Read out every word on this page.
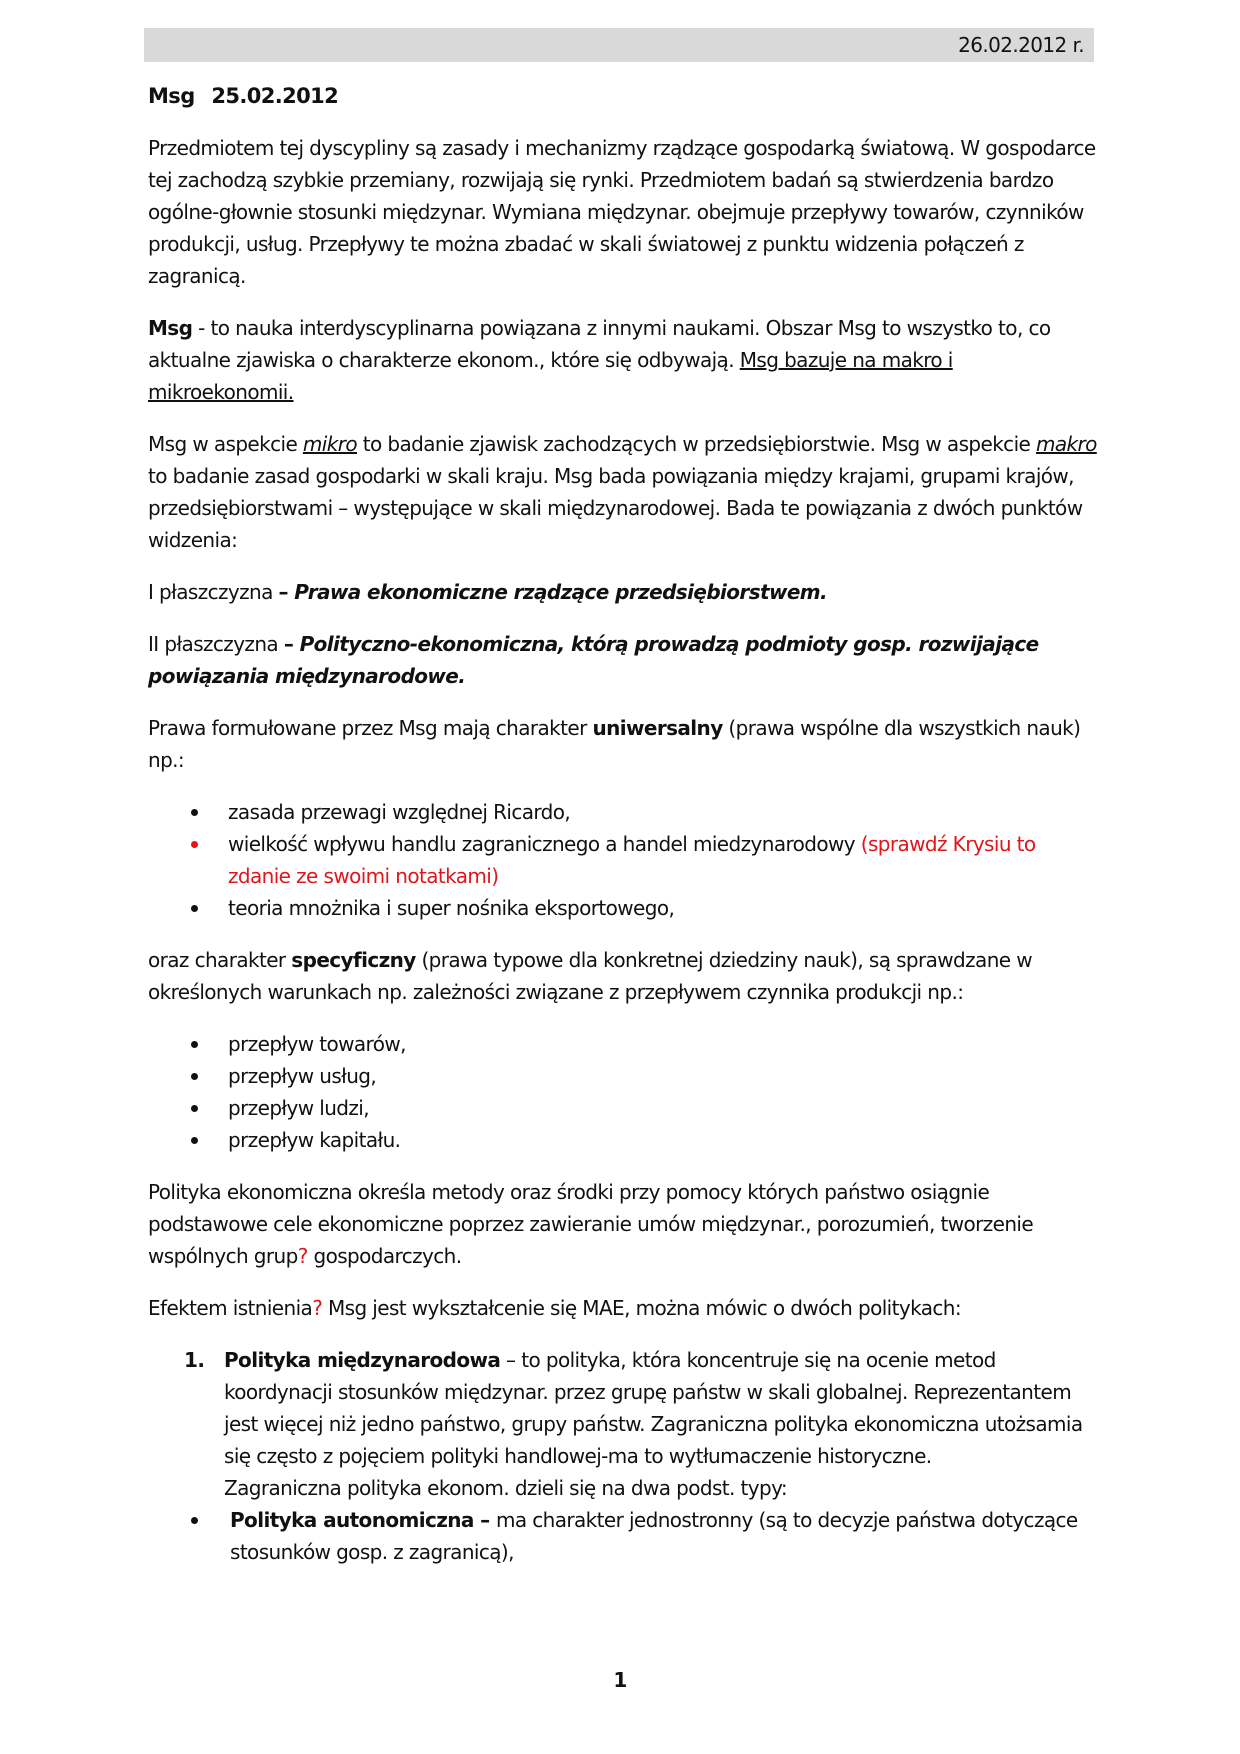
26.02.2012 r.

Msg 25.02.2012

Przedmiotem tej dyscypliny są zasady i mechanizmy rządzące gospodarką światową. W gospodarce tej zachodzą szybkie przemiany, rozwijają się rynki. Przedmiotem badań są stwierdzenia bardzo ogólne-głownie stosunki międzynar. Wymiana międzynar. obejmuje przepływy towarów, czynników produkcji, usług. Przepływy te można zbadać w skali światowej z punktu widzenia połączeń z zagranicą.

Msg - to nauka interdyscyplinarna powiązana z innymi naukami. Obszar Msg to wszystko to, co aktualne zjawiska o charakterze ekonom., które się odbywają. Msg bazuje na makro i mikroekonomii.

Msg w aspekcie mikro to badanie zjawisk zachodzących w przedsiębiorstwie. Msg w aspekcie makro to badanie zasad gospodarki w skali kraju. Msg bada powiązania między krajami, grupami krajów, przedsiębiorstwami – występujące w skali międzynarodowej. Bada te powiązania z dwóch punktów widzenia:

I płaszczyzna – Prawa ekonomiczne rządzące przedsiębiorstwem.

II płaszczyzna – Polityczno-ekonomiczna, którą prowadzą podmioty gosp. rozwijające powiązania międzynarodowe.

Prawa formułowane przez Msg mają charakter uniwersalny (prawa wspólne dla wszystkich nauk) np.:

zasada przewagi względnej Ricardo,
wielkość wpływu handlu zagranicznego a handel miedzynarodowy (sprawdź Krysiu to zdanie ze swoimi notatkami)
teoria mnożnika i super nośnika eksportowego,

oraz charakter specyficzny (prawa typowe dla konkretnej dziedziny nauk), są sprawdzane w określonych warunkach np. zależności związane z przepływem czynnika produkcji np.:

przepływ towarów,
przepływ usług,
przepływ ludzi,
przepływ kapitału.

Polityka ekonomiczna określa metody oraz środki przy pomocy których państwo osiągnie podstawowe cele ekonomiczne poprzez zawieranie umów międzynar., porozumień, tworzenie wspólnych grup? gospodarczych.

Efektem istnienia? Msg jest wykształcenie się MAE, można mówic o dwóch politykach:

1. Polityka międzynarodowa – to polityka, która koncentruje się na ocenie metod koordynacji stosunków międzynar. przez grupę państw w skali globalnej. Reprezentantem jest więcej niż jedno państwo, grupy państw. Zagraniczna polityka ekonomiczna utożsamia się często z pojęciem polityki handlowej-ma to wytłumaczenie historyczne.
Zagraniczna polityka ekonom. dzieli się na dwa podst. typy:
Polityka autonomiczna – ma charakter jednostronny (są to decyzje państwa dotyczące stosunków gosp. z zagranicą),
1
